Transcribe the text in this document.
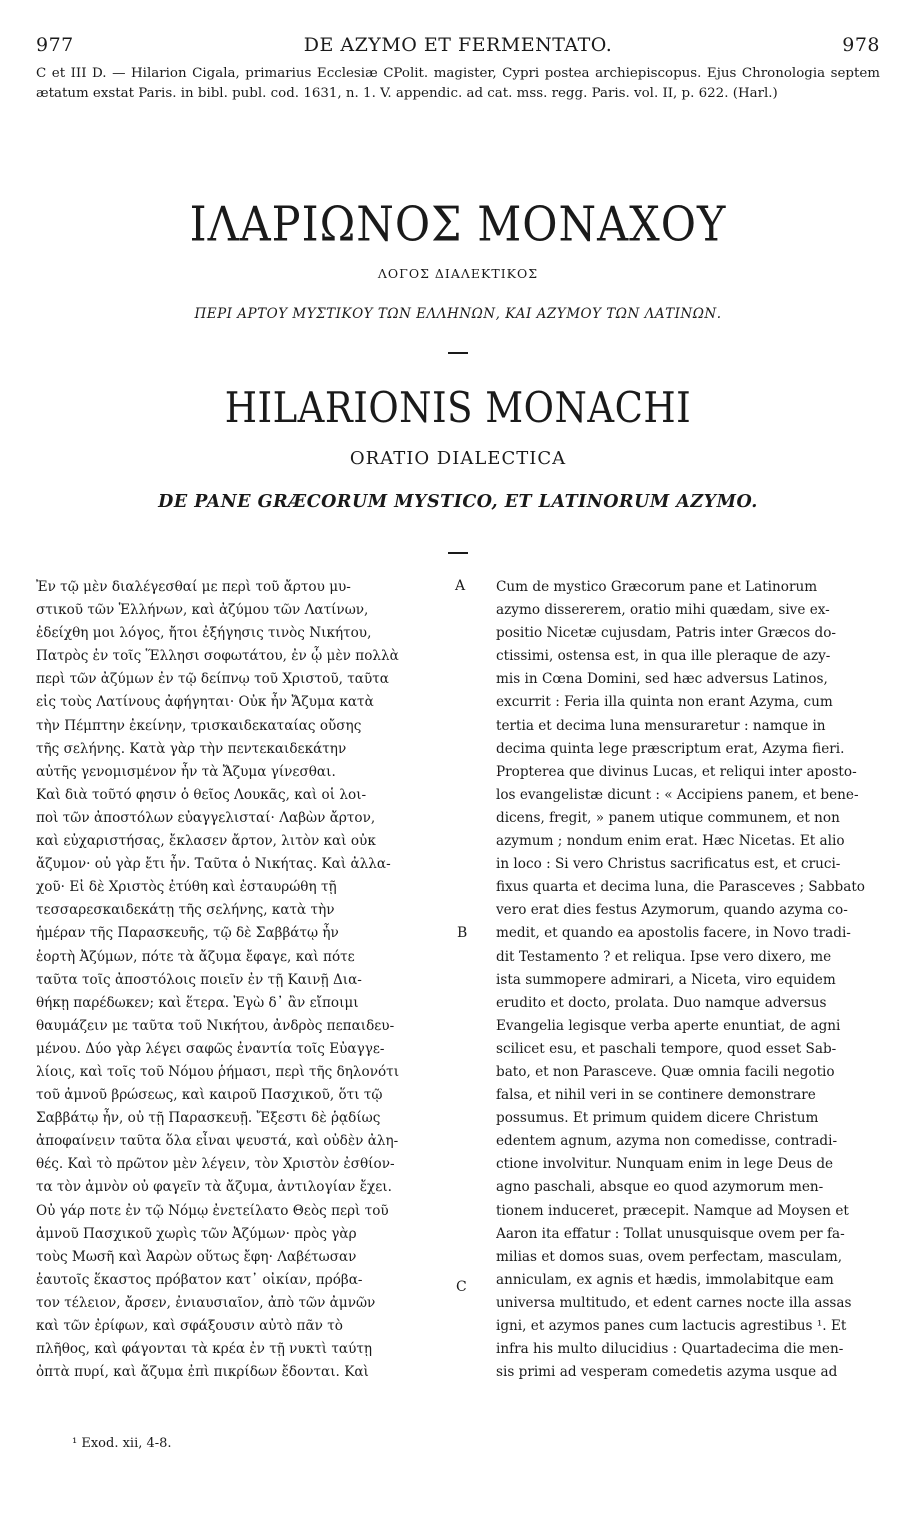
977	DE AZYMO ET FERMENTATO.	978
C et III D. — Hilarion Cigala, primarius Ecclesiæ CPolit. magister, Cypri postea archiepiscopus. Ejus Chronologia septem ætatum exstat Paris. in bibl. publ. cod. 1631, n. 1. V. appendic. ad cat. mss. regg. Paris. vol. II, p. 622. (Harl.)
ΙΛΑΡΙΩΝΟΣ ΜΟΝΑΧΟΥ
ΛΟΓΟΣ ΔΙΑΛΕΚΤΙΚΟΣ
ΠΕΡΙ ΑΡΤΟΥ ΜΥΣΤΙΚΟΥ ΤΩΝ ΕΛΛΗΝΩΝ, ΚΑΙ ΑΖΥΜΟΥ ΤΩΝ ΛΑΤΙΝΩΝ.
HILARIONIS MONACHI
ORATIO DIALECTICA
DE PANE GRÆCORUM MYSTICO, ET LATINORUM AZYMO.
Ἐν τῷ μὲν διαλέγεσθαί με περὶ τοῦ ἄρτου μυ-
στικοῦ τῶν Ἑλλήνων, καὶ ἀζύμου τῶν Λατίνων,
ἐδείχθη μοι λόγος, ἤτοι ἐξήγησις τινὸς Νικήτου,
Πατρὸς ἐν τοῖς Ἕλλησι σοφωτάτου, ἐν ᾧ μὲν πολλὰ
περὶ τῶν ἀζύμων ἐν τῷ δείπνῳ τοῦ Χριστοῦ, ταῦτα
εἰς τοὺς Λατίνους ἀφήγηται· Οὐκ ἦν Ἄζυμα κατὰ
τὴν Πέμπτην ἐκείνην, τρισκαιδεκαταίας οὔσης
τῆς σελήνης. Κατὰ γὰρ τὴν πεντεκαιδεκάτην
αὐτῆς γενομισμένον ἦν τὰ Ἄζυμα γίνεσθαι.
Καὶ διὰ τοῦτό φησιν ὁ θεῖος Λουκᾶς, καὶ οἱ λοι-
ποὶ τῶν ἀποστόλων εὐαγγελισταί· Λαβὼν ἄρτον,
καὶ εὐχαριστήσας, ἔκλασεν ἄρτον, λιτὸν καὶ οὐκ
ἄζυμον· οὐ γὰρ ἔτι ἦν. Ταῦτα ὁ Νικήτας. Καὶ ἀλλα-
χοῦ· Εἰ δὲ Χριστὸς ἐτύθη καὶ ἐσταυρώθη τῇ
τεσσαρεσκαιδεκάτῃ τῆς σελήνης, κατὰ τὴν
ἡμέραν τῆς Παρασκευῆς, τῷ δὲ Σαββάτῳ ἦν
ἑορτὴ Ἀζύμων, πότε τὰ ἄζυμα ἔφαγε, καὶ πότε
ταῦτα τοῖς ἀποστόλοις ποιεῖν ἐν τῇ Καινῇ Δια-
θήκῃ παρέδωκεν; καὶ ἕτερα. Ἐγὼ δ᾽ ἂν εἴποιμι
θαυμάζειν με ταῦτα τοῦ Νικήτου, ἀνδρὸς πεπαιδευ-
μένου. Δύο γὰρ λέγει σαφῶς ἐναντία τοῖς Εὐαγγε-
λίοις, καὶ τοῖς τοῦ Νόμου ῥήμασι, περὶ τῆς δηλονότι
τοῦ ἀμνοῦ βρώσεως, καὶ καιροῦ Πασχικοῦ, ὅτι τῷ
Σαββάτῳ ἦν, οὐ τῇ Παρασκευῇ. Ἔξεστι δὲ ῥᾳδίως
ἀποφαίνειν ταῦτα ὅλα εἶναι ψευστά, καὶ οὐδὲν ἀλη-
θές. Καὶ τὸ πρῶτον μὲν λέγειν, τὸν Χριστὸν ἐσθίον-
τα τὸν ἀμνὸν οὐ φαγεῖν τὰ ἄζυμα, ἀντιλογίαν ἔχει.
Οὐ γάρ ποτε ἐν τῷ Νόμῳ ἐνετείλατο Θεὸς περὶ τοῦ
ἀμνοῦ Πασχικοῦ χωρὶς τῶν Ἀζύμων· πρὸς γὰρ
τοὺς Μωσῆ καὶ Ἀαρὼν οὕτως ἔφη· Λαβέτωσαν
ἑαυτοῖς ἕκαστος πρόβατον κατ᾽ οἰκίαν, πρόβα-
τον τέλειον, ἄρσεν, ἐνιαυσιαῖον, ἀπὸ τῶν ἀμνῶν
καὶ τῶν ἐρίφων, καὶ σφάξουσιν αὐτὸ πᾶν τὸ
πλῆθος, καὶ φάγονται τὰ κρέα ἐν τῇ νυκτὶ ταύτῃ
ὀπτὰ πυρί, καὶ ἄζυμα ἐπὶ πικρίδων ἔδονται. Καὶ
Cum de mystico Græcorum pane et Latinorum
azymo dissererem, oratio mihi quædam, sive ex-
positio Nicetæ cujusdam, Patris inter Græcos do-
ctissimi, ostensa est, in qua ille pleraque de azy-
mis in Cœna Domini, sed hæc adversus Latinos,
excurrit : Feria illa quinta non erant Azyma, cum
tertia et decima luna mensuraretur : namque in
decima quinta lege præscriptum erat, Azyma fieri.
Propterea que divinus Lucas, et reliqui inter aposto-
los evangelistæ dicunt : « Accipiens panem, et bene-
dicens, fregit, » panem utique communem, et non
azymum ; nondum enim erat. Hæc Nicetas. Et alio
in loco : Si vero Christus sacrificatus est, et cruci-
fixus quarta et decima luna, die Parasceves ; Sabbato
vero erat dies festus Azymorum, quando azyma co-
medit, et quando ea apostolis facere, in Novo tradi-
dit Testamento ? et reliqua. Ipse vero dixero, me
ista summopere admirari, a Niceta, viro equidem
erudito et docto, prolata. Duo namque adversus
Evangelia legisque verba aperte enuntiat, de agni
scilicet esu, et paschali tempore, quod esset Sab-
bato, et non Parasceve. Quæ omnia facili negotio
falsa, et nihil veri in se continere demonstrare
possumus. Et primum quidem dicere Christum
edentem agnum, azyma non comedisse, contradi-
ctione involvitur. Nunquam enim in lege Deus de
agno paschali, absque eo quod azymorum men-
tionem induceret, præcepit. Namque ad Moysen et
Aaron ita effatur : Tollat unusquisque ovem per fa-
milias et domos suas, ovem perfectam, masculam,
anniculam, ex agnis et hædis, immolabitque eam
universa multitudo, et edent carnes nocte illa assas
igni, et azymos panes cum lactucis agrestibus ¹. Et
infra his multo dilucidius : Quartadecima die men-
sis primi ad vesperam comedetis azyma usque ad
A
B
C
¹ Exod. xii, 4-8.
